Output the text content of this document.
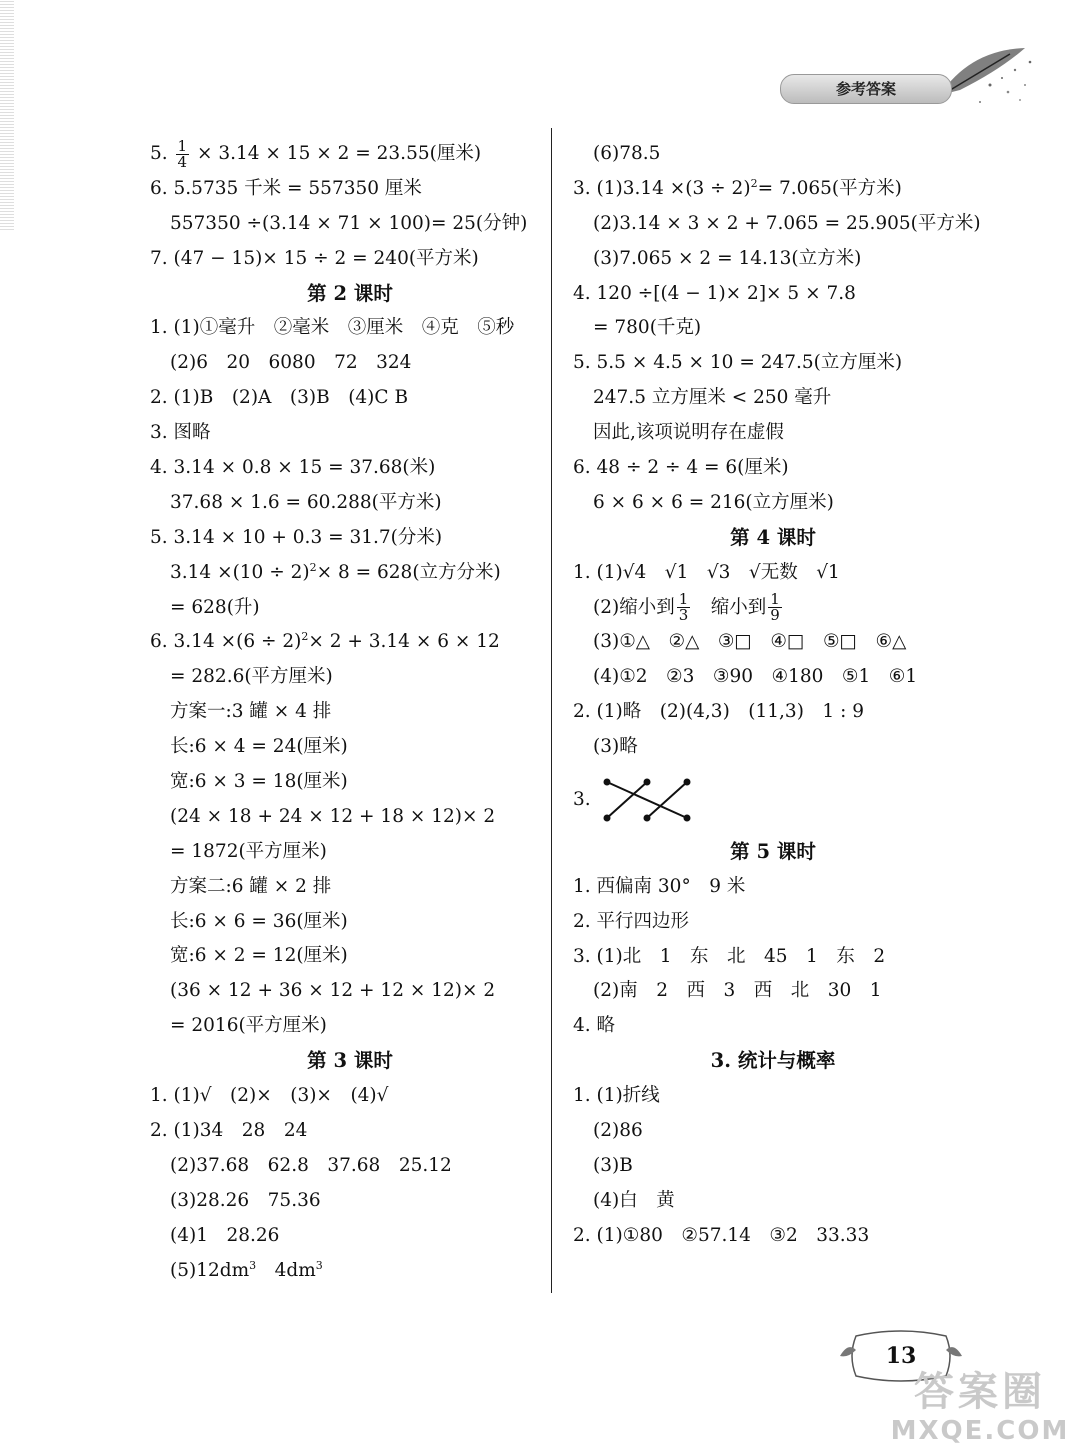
参考答案
5. $\frac{1}{4} \times 3.14 \times 15 \times 2 = 23.55$(厘米)
6. 5.5735 千米 = 557350 厘米
557350 ÷(3.14 × 71 × 100)= 25(分钟)
7. (47 − 15)× 15 ÷ 2 = 240(平方米)
第 2 课时
1. (1)①毫升　②毫米　③厘米　④克　⑤秒
(2)6　20　6080　72　324
2. (1)B　(2)A　(3)B　(4)C B
3. 图略
4. 3.14 × 0.8 × 15 = 37.68(米)
37.68 × 1.6 = 60.288(平方米)
5. 3.14 × 10 + 0.3 = 31.7(分米)
$3.14 \times(10 \div 2)^2\times 8 = 628$(立方分米)
= 628(升)
6. $3.14 \times(6 \div 2)^2\times 2 + 3.14 \times 6 \times 12$
= 282.6(平方厘米)
方案一:3 罐 × 4 排
长:6 × 4 = 24(厘米)
宽:6 × 3 = 18(厘米)
(24 × 18 + 24 × 12 + 18 × 12)× 2
= 1872(平方厘米)
方案二:6 罐 × 2 排
长:6 × 6 = 36(厘米)
宽:6 × 2 = 12(厘米)
(36 × 12 + 36 × 12 + 12 × 12)× 2
= 2016(平方厘米)
第 3 课时
1. (1)√　(2)×　(3)×　(4)√
2. (1)34　28　24
(2)37.68　62.8　37.68　25.12
(3)28.26　75.36
(4)1　28.26
$(5)12dm^3$　$4dm^3$
(6)78.5
3. $(1)3.14 \times(3 \div 2)^2= 7.065$(平方米)
(2)3.14 × 3 × 2 + 7.065 = 25.905(平方米)
(3)7.065 × 2 = 14.13(立方米)
4. 120 ÷[(4 − 1)× 2]× 5 × 7.8
= 780(千克)
5. 5.5 × 4.5 × 10 = 247.5(立方厘米)
247.5 立方厘米 < 250 毫升
因此,该项说明存在虚假
6. 48 ÷ 2 ÷ 4 = 6(厘米)
6 × 6 × 6 = 216(立方厘米)
第 4 课时
1. (1)√4　√1　√3　√无数　√1
(2)缩小到 $\frac{1}{3}$ 　缩小到 $\frac{1}{9}$
(3)①△　②△　③□　④□　⑤□　⑥△
(4)①2　②3　③90　④180　⑤1　⑥1
2. (1)略　(2)(4,3)　(11,3)　1 : 9
(3)略
3.
第 5 课时
1. 西偏南 30°　9 米
2. 平行四边形
3. (1)北　1　东　北　45　1　东　2
(2)南　2　西　3　西　北　30　1
4. 略
3. 统计与概率
1. (1)折线
(2)86
(3)B
(4)白　黄
2. (1)①80　②57.14　③2　33.33
13
答案圈
MXQE.COM
